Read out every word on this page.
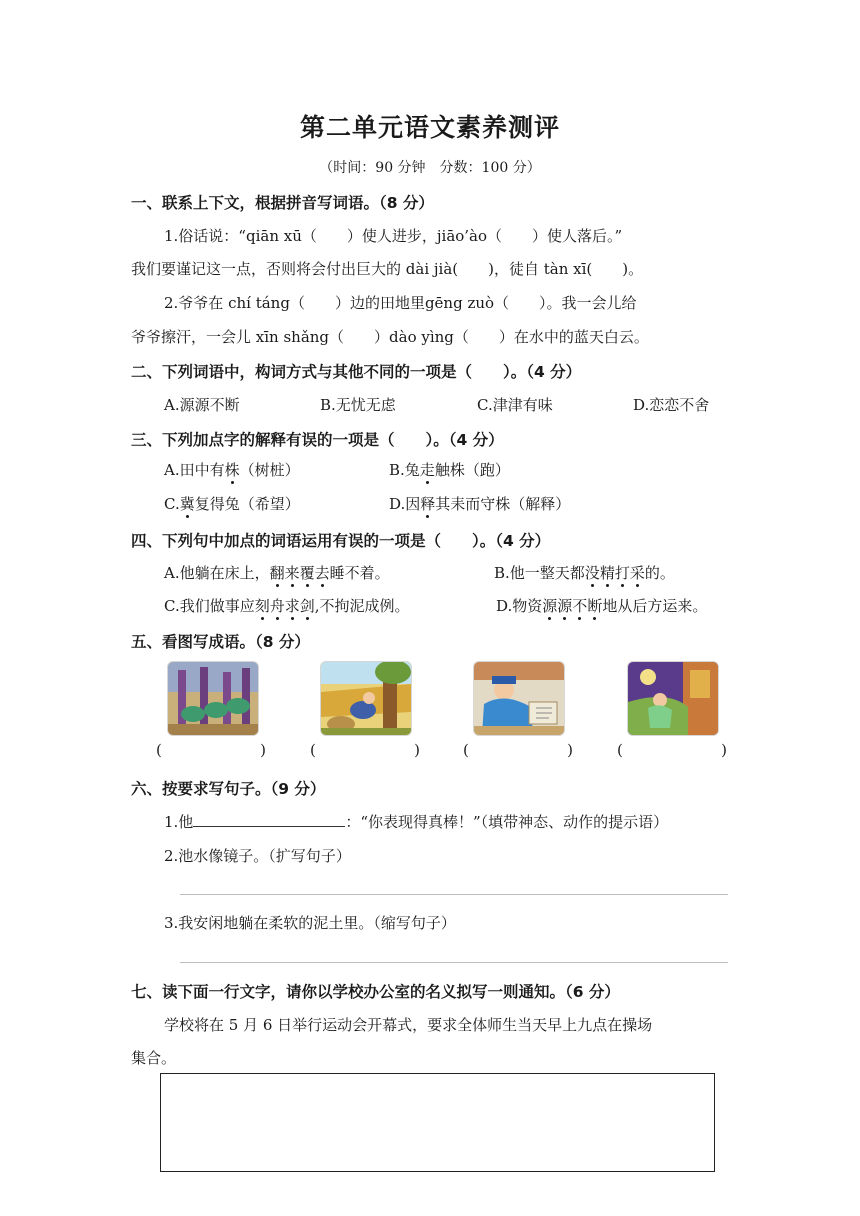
第二单元语文素养测评
（时间：90 分钟　分数：100 分）
一、联系上下文，根据拼音写词语。（8 分）
1.俗话说：“qiān xū（　　）使人进步，jiāo’ào（　　）使人落后。”
我们要谨记这一点，否则将会付出巨大的 dài jià(　　)，徒自 tàn xī(　　)。
2.爷爷在 chí táng（　　）边的田地里gēng zuò（　　）。我一会儿给
爷爷擦汗，一会儿 xīn shǎng（　　）dào yìng（　　）在水中的蓝天白云。
二、下列词语中，构词方式与其他不同的一项是（　　）。（4 分）
A.源源不断	B.无忧无虑	C.津津有味	D.恋恋不舍
三、下列加点字的解释有误的一项是（　　）。（4 分）
A.田中有株（树桩）	B.兔走触株（跑）
C.冀复得兔（希望）	D.因释其耒而守株（解释）
四、下列句中加点的词语运用有误的一项是（　　）。（4 分）
A.他躺在床上，翻来覆去睡不着。	B.他一整天都没精打采的。
C.我们做事应刻舟求剑,不拘泥成例。	D.物资源源不断地从后方运来。
五、看图写成语。（8 分）
(	)	(	)	(	)	(	)
六、按要求写句子。（9 分）
1.他	：“你表现得真棒！”（填带神态、动作的提示语）
2.池水像镜子。（扩写句子）
3.我安闲地躺在柔软的泥土里。（缩写句子）
七、读下面一行文字，请你以学校办公室的名义拟写一则通知。（6 分）
学校将在 5 月 6 日举行运动会开幕式，要求全体师生当天早上九点在操场
集合。
